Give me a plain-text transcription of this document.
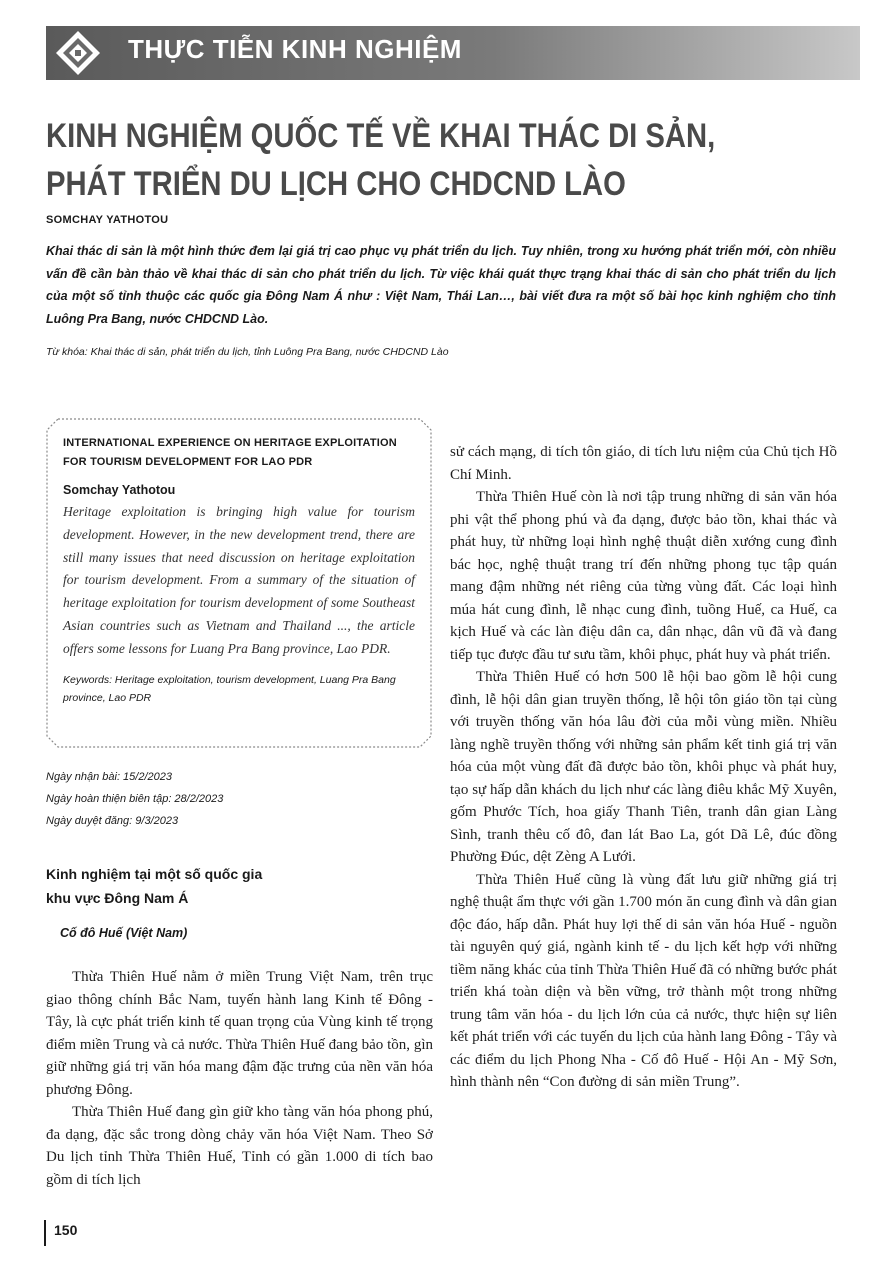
THỰC TIỄN KINH NGHIỆM
KINH NGHIỆM QUỐC TẾ VỀ KHAI THÁC DI SẢN,
PHÁT TRIỂN DU LỊCH CHO CHDCND LÀO
SOMCHAY YATHOTOU

Khai thác di sản là một hình thức đem lại giá trị cao phục vụ phát triển du lịch. Tuy nhiên, trong xu hướng phát triển mới, còn nhiều vấn đề cần bàn thảo về khai thác di sản cho phát triển du lịch. Từ việc khái quát thực trạng khai thác di sản cho phát triển du lịch của một số tỉnh thuộc các quốc gia Đông Nam Á như : Việt Nam, Thái Lan…, bài viết đưa ra một số bài học kinh nghiệm cho tỉnh Luông Pra Bang, nước CHDCND Lào.

Từ khóa: Khai thác di sản, phát triển du lịch, tỉnh Luông Pra Bang, nước CHDCND Lào

INTERNATIONAL EXPERIENCE ON HERITAGE EXPLOITATION
FOR TOURISM DEVELOPMENT FOR LAO PDR

Somchay Yathotou

Heritage exploitation is bringing high value for tourism development. However, in the new development trend, there are still many issues that need discussion on heritage exploitation for tourism development. From a summary of the situation of heritage exploitation for tourism development of some Southeast Asian countries such as Vietnam and Thailand ..., the article offers some lessons for Luang Pra Bang province, Lao PDR.

Keywords: Heritage exploitation, tourism development, Luang Pra Bang province, Lao PDR
Ngày nhận bài: 15/2/2023
Ngày hoàn thiện biên tập: 28/2/2023
Ngày duyệt đăng: 9/3/2023
Kinh nghiệm tại một số quốc gia
khu vực Đông Nam Á
Cố đô Huế (Việt Nam)

Thừa Thiên Huế nằm ở miền Trung Việt Nam, trên trục giao thông chính Bắc Nam, tuyến hành lang Kinh tế Đông - Tây, là cực phát triển kinh tế quan trọng của Vùng kinh tế trọng điểm miền Trung và cả nước. Thừa Thiên Huế đang bảo tồn, gìn giữ những giá trị văn hóa mang đậm đặc trưng của nền văn hóa phương Đông.

Thừa Thiên Huế đang gìn giữ kho tàng văn hóa phong phú, đa dạng, đặc sắc trong dòng chảy văn hóa Việt Nam. Theo Sở Du lịch tỉnh Thừa Thiên Huế, Tỉnh có gần 1.000 di tích bao gồm di tích lịch

sử cách mạng, di tích tôn giáo, di tích lưu niệm của Chủ tịch Hồ Chí Minh.

Thừa Thiên Huế còn là nơi tập trung những di sản văn hóa phi vật thể phong phú và đa dạng, được bảo tồn, khai thác và phát huy, từ những loại hình nghệ thuật diễn xướng cung đình bác học, nghệ thuật trang trí đến những phong tục tập quán mang đậm những nét riêng của từng vùng đất. Các loại hình múa hát cung đình, lễ nhạc cung đình, tuồng Huế, ca Huế, ca kịch Huế và các làn điệu dân ca, dân nhạc, dân vũ đã và đang tiếp tục được đầu tư sưu tầm, khôi phục, phát huy và phát triển.

Thừa Thiên Huế có hơn 500 lễ hội bao gồm lễ hội cung đình, lễ hội dân gian truyền thống, lễ hội tôn giáo tồn tại cùng với truyền thống văn hóa lâu đời của mỗi vùng miền. Nhiều làng nghề truyền thống với những sản phẩm kết tinh giá trị văn hóa của một vùng đất đã được bảo tồn, khôi phục và phát huy, tạo sự hấp dẫn khách du lịch như các làng điêu khắc Mỹ Xuyên, gốm Phước Tích, hoa giấy Thanh Tiên, tranh dân gian Làng Sình, tranh thêu cố đô, đan lát Bao La, gót Dã Lê, đúc đồng Phường Đúc, dệt Zèng A Lưới.

Thừa Thiên Huế cũng là vùng đất lưu giữ những giá trị nghệ thuật ẩm thực với gần 1.700 món ăn cung đình và dân gian độc đáo, hấp dẫn. Phát huy lợi thế di sản văn hóa Huế - nguồn tài nguyên quý giá, ngành kinh tế - du lịch kết hợp với những tiềm năng khác của tỉnh Thừa Thiên Huế đã có những bước phát triển khá toàn diện và bền vững, trở thành một trong những trung tâm văn hóa - du lịch lớn của cả nước, thực hiện sự liên kết phát triển với các tuyến du lịch của hành lang Đông - Tây và các điểm du lịch Phong Nha - Cố đô Huế - Hội An - Mỹ Sơn, hình thành nên “Con đường di sản miền Trung”.

150
